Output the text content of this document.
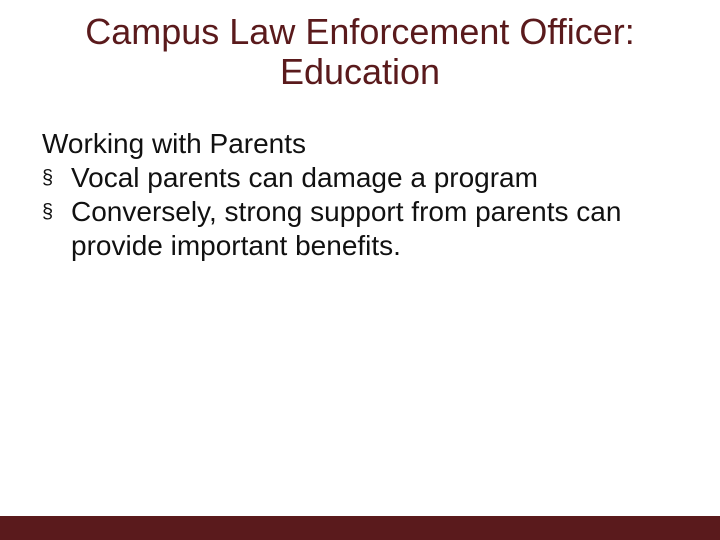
Campus Law Enforcement Officer:
Education

Working with Parents

§ Vocal parents can damage a program
§ Conversely, strong support from parents can provide important benefits.
